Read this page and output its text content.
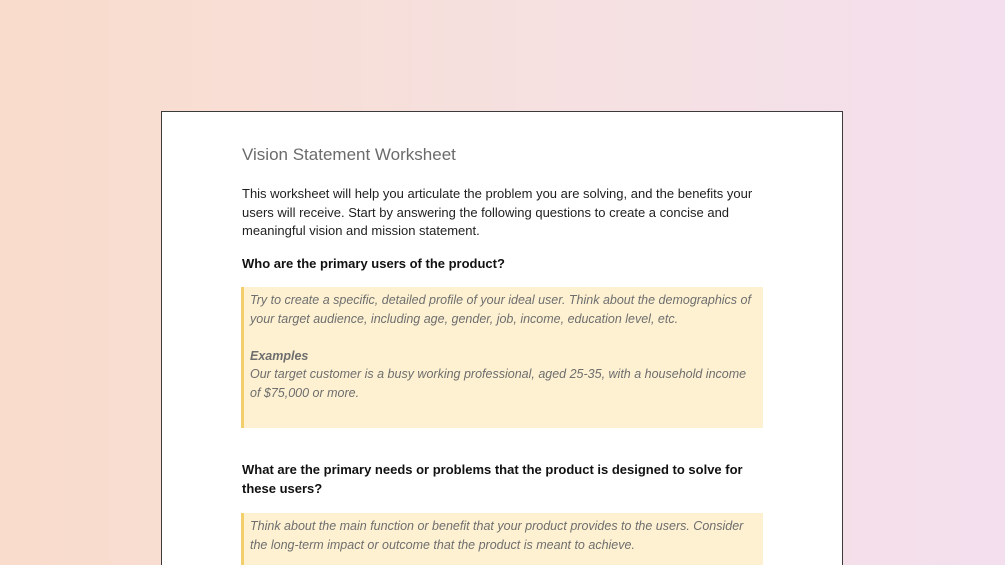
Vision Statement Worksheet

This worksheet will help you articulate the problem you are solving, and the benefits your users will receive. Start by answering the following questions to create a concise and meaningful vision and mission statement.

Who are the primary users of the product?

Try to create a specific, detailed profile of your ideal user. Think about the demographics of your target audience, including age, gender, job, income, education level, etc.

Examples

Our target customer is a busy working professional, aged 25-35, with a household income of $75,000 or more.

What are the primary needs or problems that the product is designed to solve for these users?

Think about the main function or benefit that your product provides to the users. Consider the long-term impact or outcome that the product is meant to achieve.
